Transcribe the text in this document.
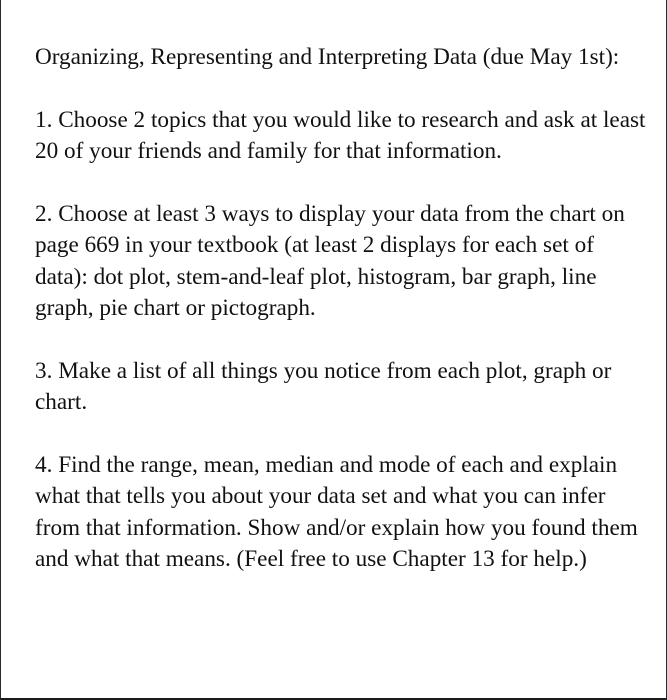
Organizing, Representing and Interpreting Data (due May 1st):

1. Choose 2 topics that you would like to research and ask at least 20 of your friends and family for that information.

2. Choose at least 3 ways to display your data from the chart on page 669 in your textbook (at least 2 displays for each set of data): dot plot, stem-and-leaf plot, histogram, bar graph, line graph, pie chart or pictograph.

3. Make a list of all things you notice from each plot, graph or chart.

4. Find the range, mean, median and mode of each and explain what that tells you about your data set and what you can infer from that information. Show and/or explain how you found them and what that means. (Feel free to use Chapter 13 for help.)
